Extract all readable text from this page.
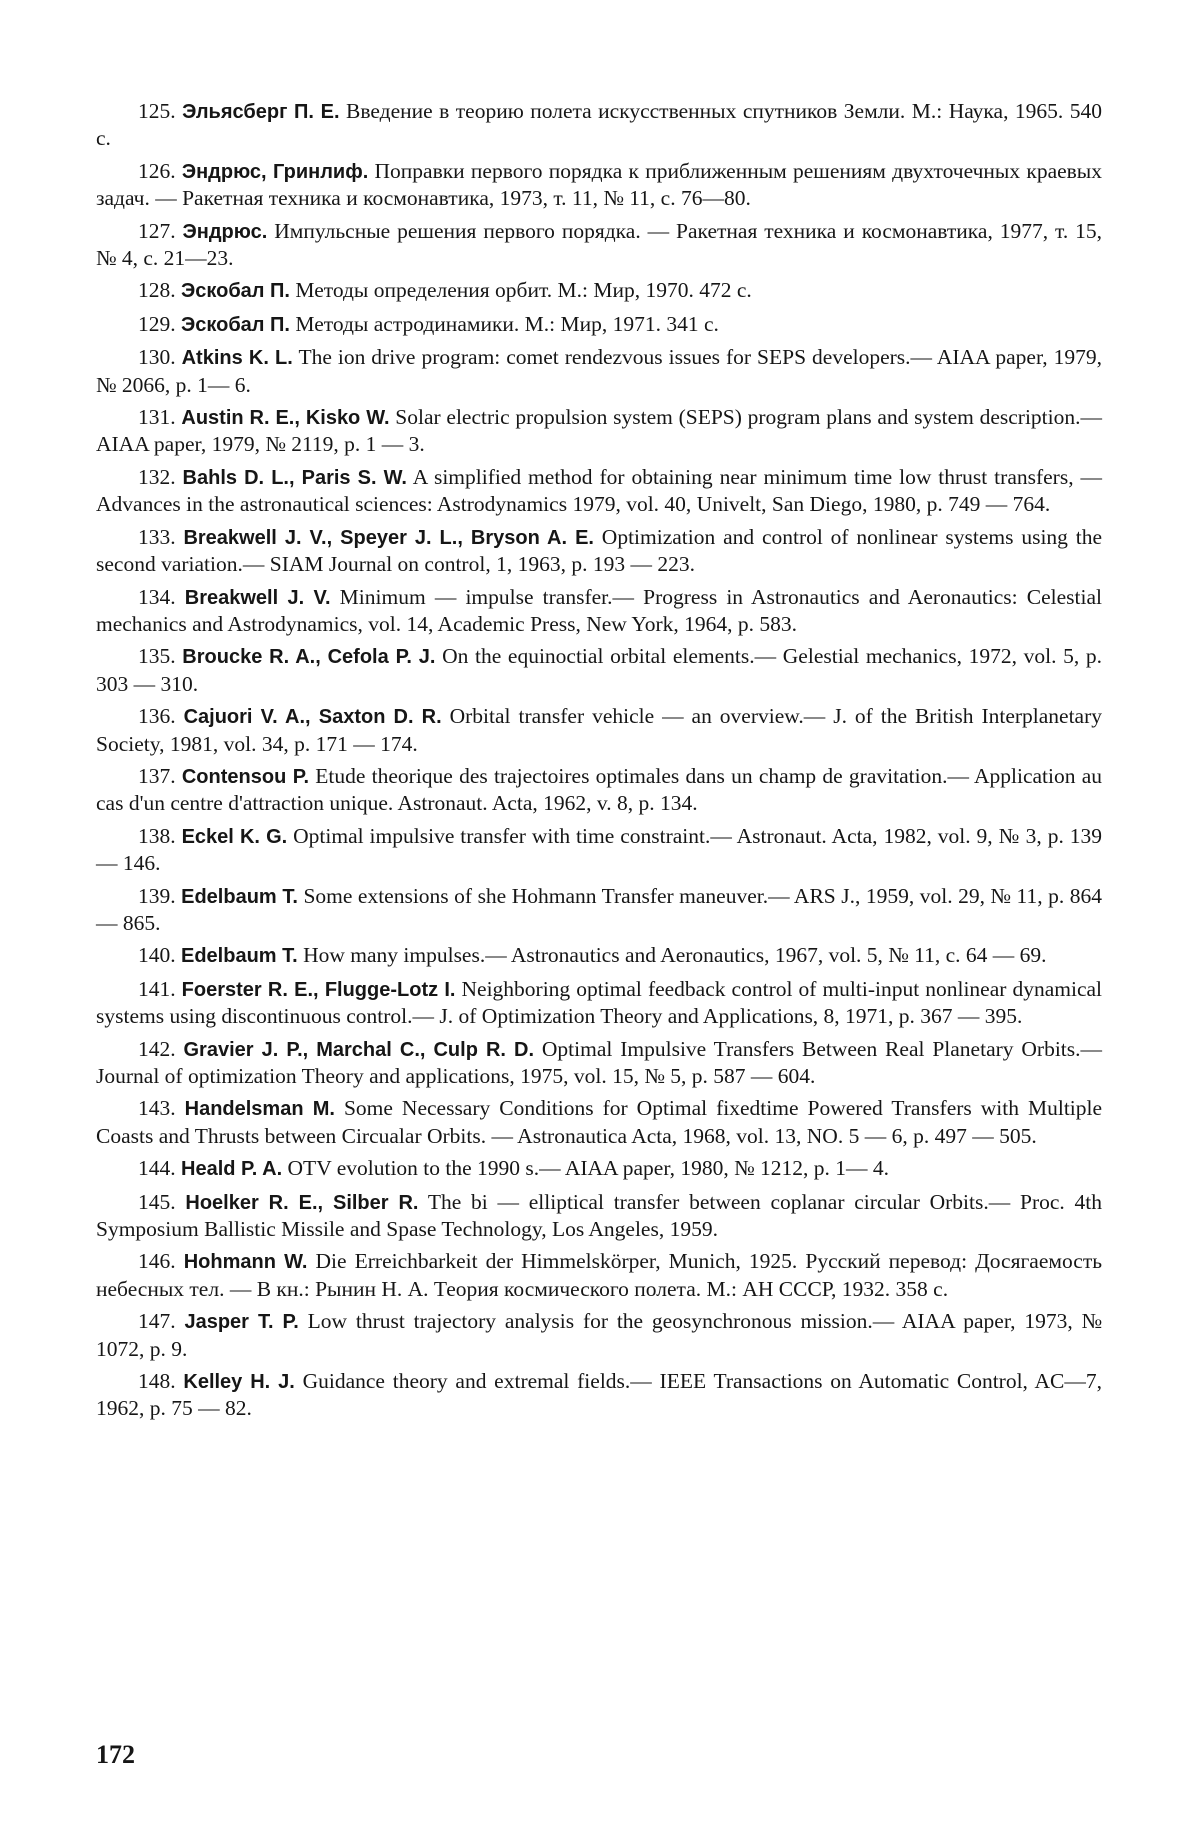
125. Эльясберг П. Е. Введение в теорию полета искусственных спутников Земли. М.: Наука, 1965. 540 с.

126. Эндрюс, Гринлиф. Поправки первого порядка к приближенным решениям двухточечных краевых задач. — Ракетная техника и космонавтика, 1973, т. 11, № 11, с. 76—80.

127. Эндрюс. Импульсные решения первого порядка. — Ракетная техника и космонавтика, 1977, т. 15, № 4, с. 21—23.

128. Эскобал П. Методы определения орбит. М.: Мир, 1970. 472 с.

129. Эскобал П. Методы астродинамики. М.: Мир, 1971. 341 с.

130. Atkins K. L. The ion drive program: comet rendezvous issues for SEPS developers.— AIAA paper, 1979, № 2066, p. 1— 6.

131. Austin R. E., Kisko W. Solar electric propulsion system (SEPS) program plans and system description.— AIAA paper, 1979, № 2119, p. 1 — 3.

132. Bahls D. L., Paris S. W. A simplified method for obtaining near minimum time low thrust transfers, — Advances in the astronautical sciences: Astrodynamics 1979, vol. 40, Univelt, San Diego, 1980, p. 749 — 764.

133. Breakwell J. V., Speyer J. L., Bryson A. E. Optimization and control of nonlinear systems using the second variation.— SIAM Journal on control, 1, 1963, p. 193 — 223.

134. Breakwell J. V. Minimum — impulse transfer.— Progress in Astronautics and Aeronautics: Celestial mechanics and Astrodynamics, vol. 14, Academic Press, New York, 1964, p. 583.

135. Broucke R. A., Cefola P. J. On the equinoctial orbital elements.— Gelestial mechanics, 1972, vol. 5, p. 303 — 310.

136. Cajuori V. A., Saxton D. R. Orbital transfer vehicle — an overview.— J. of the British Interplanetary Society, 1981, vol. 34, p. 171 — 174.

137. Contensou P. Etude theorique des trajectoires optimales dans un champ de gravitation.— Application au cas d'un centre d'attraction unique. Astronaut. Acta, 1962, v. 8, p. 134.

138. Eckel K. G. Optimal impulsive transfer with time constraint.— Astronaut. Acta, 1982, vol. 9, № 3, p. 139 — 146.

139. Edelbaum T. Some extensions of she Hohmann Transfer maneuver.— ARS J., 1959, vol. 29, № 11, p. 864 — 865.

140. Edelbaum T. How many impulses.— Astronautics and Aeronautics, 1967, vol. 5, № 11, c. 64 — 69.

141. Foerster R. E., Flugge-Lotz I. Neighboring optimal feedback control of multi-input nonlinear dynamical systems using discontinuous control.— J. of Optimization Theory and Applications, 8, 1971, p. 367 — 395.

142. Gravier J. P., Marchal C., Culp R. D. Optimal Impulsive Transfers Between Real Planetary Orbits.— Journal of optimization Theory and applications, 1975, vol. 15, № 5, p. 587 — 604.

143. Handelsman M. Some Necessary Conditions for Optimal fixedtime Powered Transfers with Multiple Coasts and Thrusts between Circualar Orbits. — Astronautica Acta, 1968, vol. 13, NO. 5 — 6, p. 497 — 505.

144. Heald P. A. OTV evolution to the 1990 s.— AIAA paper, 1980, № 1212, p. 1— 4.

145. Hoelker R. E., Silber R. The bi — elliptical transfer between coplanar circular Orbits.— Proc. 4th Symposium Ballistic Missile and Spase Technology, Los Angeles, 1959.

146. Hohmann W. Die Erreichbarkeit der Himmelskörper, Munich, 1925. Русский перевод: Досягаемость небесных тел. — В кн.: Рынин Н. А. Теория космического полета. М.: АН СССР, 1932. 358 с.

147. Jasper T. P. Low thrust trajectory analysis for the geosynchronous mission.— AIAA paper, 1973, № 1072, p. 9.

148. Kelley H. J. Guidance theory and extremal fields.— IEEE Transactions on Automatic Control, AC—7, 1962, p. 75 — 82.

172
